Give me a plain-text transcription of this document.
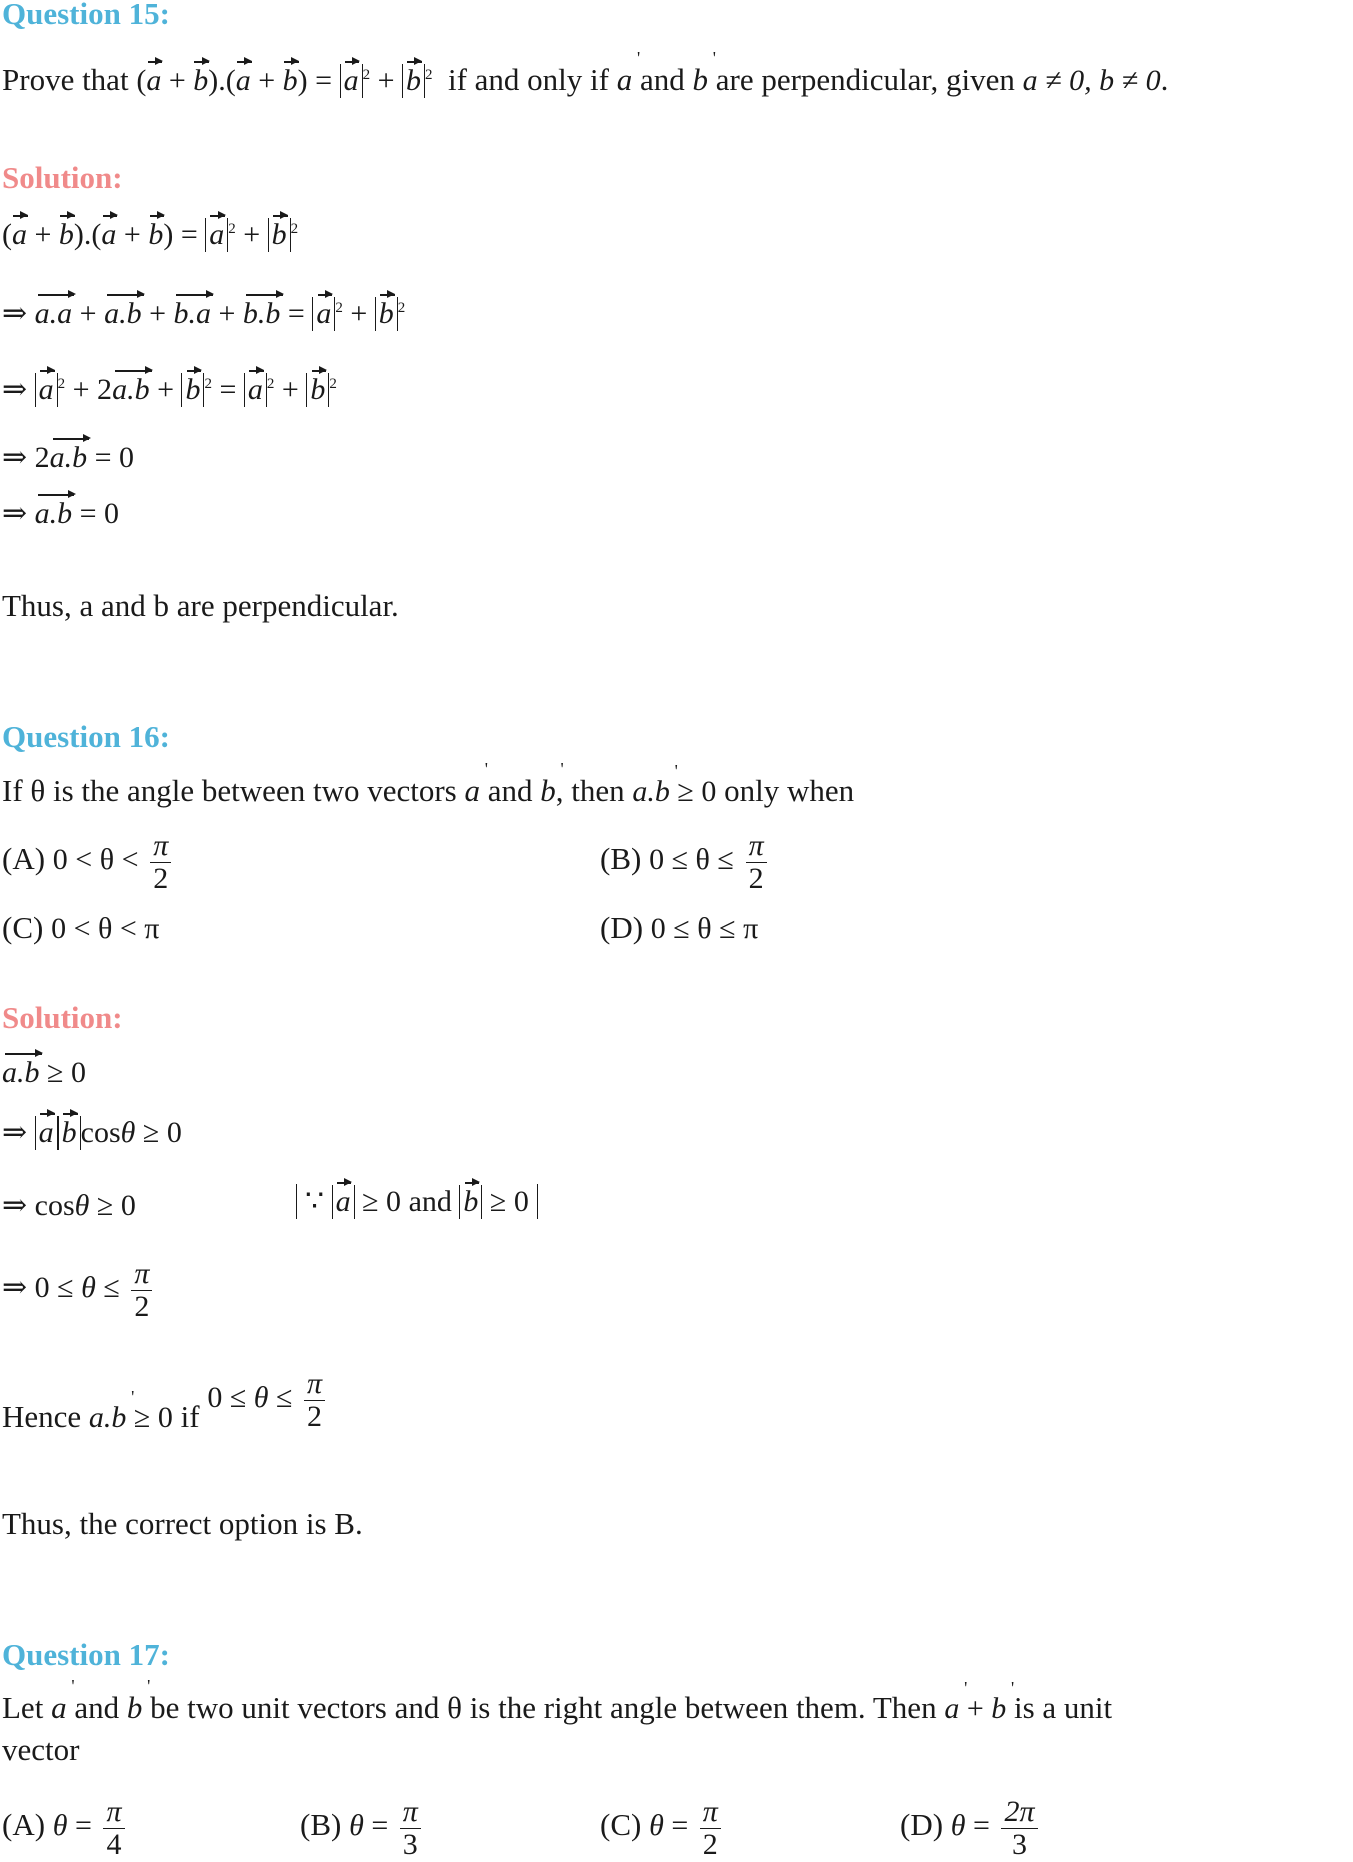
Question 15:
Prove that (a + b).(a + b) = a $^2$ + b $^2$ if and only if a ' and b ' are perpendicular, given a ≠ 0, b ≠ 0.
Solution:
(a + b).(a + b) = a $^2$ + b $^2$
⇒ a.a + a.b + b.a + b.b = a $^2$ + b $^2$
⇒ a $^2$ + 2a.b + b $^2$ = a $^2$ + b $^2$
⇒ 2a.b = 0
⇒ a.b = 0
Thus, a and b are perpendicular.
Question 16:
If θ is the angle between two vectors a ' and b ', then a.b ' ≥ 0 only when
(A) $0 < \theta < \frac{\pi}{2}$	(B) $0 \le \theta \le \frac{\pi}{2}$
(C) 0 < θ < π	(D) 0 ≤ θ ≤ π
Solution:
a.b ≥ 0
⇒ a b cosθ ≥ 0
⇒ cosθ ≥ 0	∵ a ≥ 0 and b ≥ 0
⇒ $0 \le \theta \le \frac{\pi}{2}$
Hence a.b ' ≥ 0 if $0 \le \theta \le \frac{\pi}{2}$
Thus, the correct option is B.
Question 17:
Let a ' and b ' be two unit vectors and θ is the right angle between them. Then a ' + b ' is a unit
vector
(A) $\theta = \frac{\pi}{4}$	(B) $\theta = \frac{\pi}{3}$	(C) $\theta = \frac{\pi}{2}$	(D) $\theta = \frac{2\pi}{3}$
